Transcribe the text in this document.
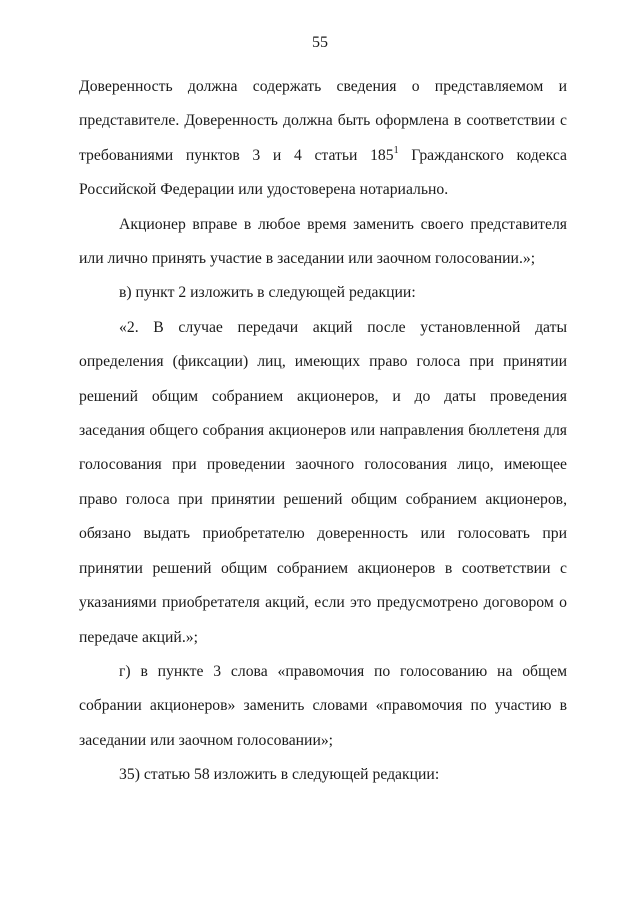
55

Доверенность должна содержать сведения о представляемом и представителе. Доверенность должна быть оформлена в соответствии с требованиями пунктов 3 и 4 статьи $185^1$ Гражданского кодекса Российской Федерации или удостоверена нотариально.

Акционер вправе в любое время заменить своего представителя или лично принять участие в заседании или заочном голосовании.»;

в) пункт 2 изложить в следующей редакции:

«2. В случае передачи акций после установленной даты определения (фиксации) лиц, имеющих право голоса при принятии решений общим собранием акционеров, и до даты проведения заседания общего собрания акционеров или направления бюллетеня для голосования при проведении заочного голосования лицо, имеющее право голоса при принятии решений общим собранием акционеров, обязано выдать приобретателю доверенность или голосовать при принятии решений общим собранием акционеров в соответствии с указаниями приобретателя акций, если это предусмотрено договором о передаче акций.»;

г) в пункте 3 слова «правомочия по голосованию на общем собрании акционеров» заменить словами «правомочия по участию в заседании или заочном голосовании»;

35) статью 58 изложить в следующей редакции:
